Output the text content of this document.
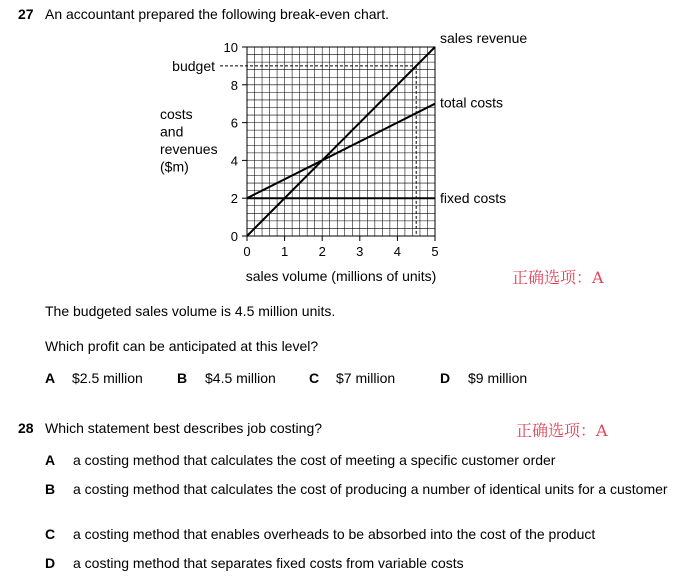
27 An accountant prepared the following break-even chart.
0 1 2 3 4 5
0
2
4
6
8
10
budget
sales revenue
total costs
fixed costs
costs
and
revenues
($m)
sales volume (millions of units)	正确选项：A
The budgeted sales volume is 4.5 million units.
Which profit can be anticipated at this level?
A $2.5 million B $4.5 million C $7 million	D $9 million
28 Which statement best describes job costing?	正确选项：A
A a costing method that calculates the cost of meeting a specific customer order
B a costing method that calculates the cost of producing a number of identical units for a customer
C a costing method that enables overheads to be absorbed into the cost of the product
D a costing method that separates fixed costs from variable costs
